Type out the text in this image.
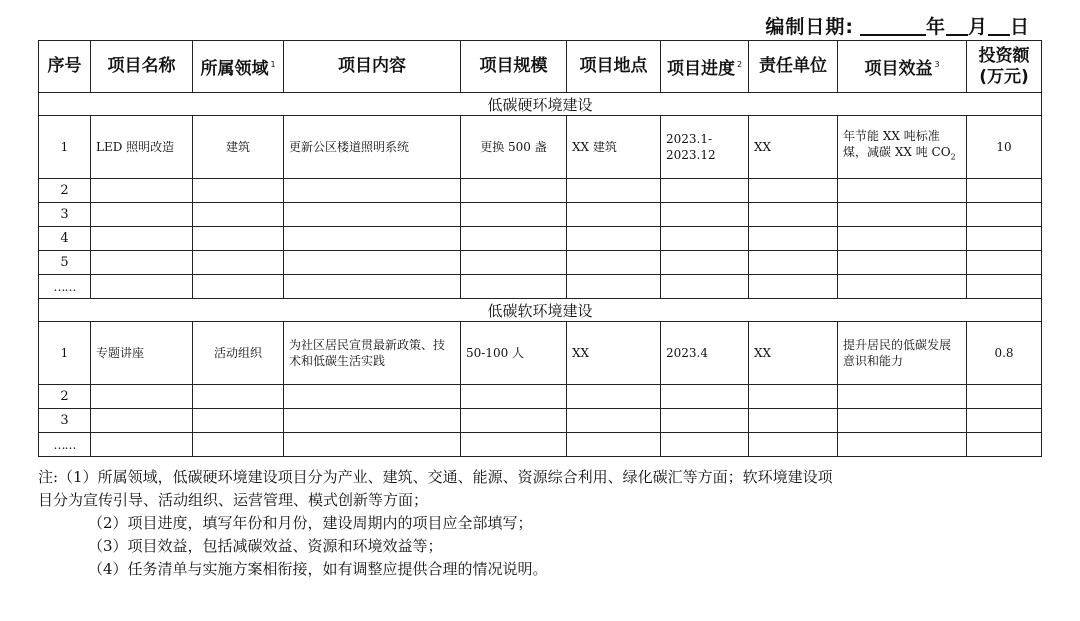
编制日期:	年 月 日
序号	项目名称	所属领域 $^1$	项目内容	项目规模	项目地点	项目进度 $^2$	责任单位	项目效益 $^3$	投资额(万元)
低碳硬环境建设									
1	LED 照明改造	建筑	更新公区楼道照明系统	更换 500 盏	XX 建筑	2023.1-2023.12	XX	年节能 XX 吨标准煤，减碳 XX 吨 $CO_2$	10
2									
3									
4									
5									
……									
低碳软环境建设									
1	专题讲座	活动组织	为社区居民宣贯最新政策、技术和低碳生活实践	50-100 人	XX	2023.4	XX	提升居民的低碳发展意识和能力	0.8
2									
3									
……									
注:（1）所属领域，低碳硬环境建设项目分为产业、建筑、交通、能源、资源综合利用、绿化碳汇等方面；软环境建设项
目分为宣传引导、活动组织、运营管理、模式创新等方面；
（2）项目进度，填写年份和月份，建设周期内的项目应全部填写；
（3）项目效益，包括减碳效益、资源和环境效益等；
（4）任务清单与实施方案相衔接，如有调整应提供合理的情况说明。
